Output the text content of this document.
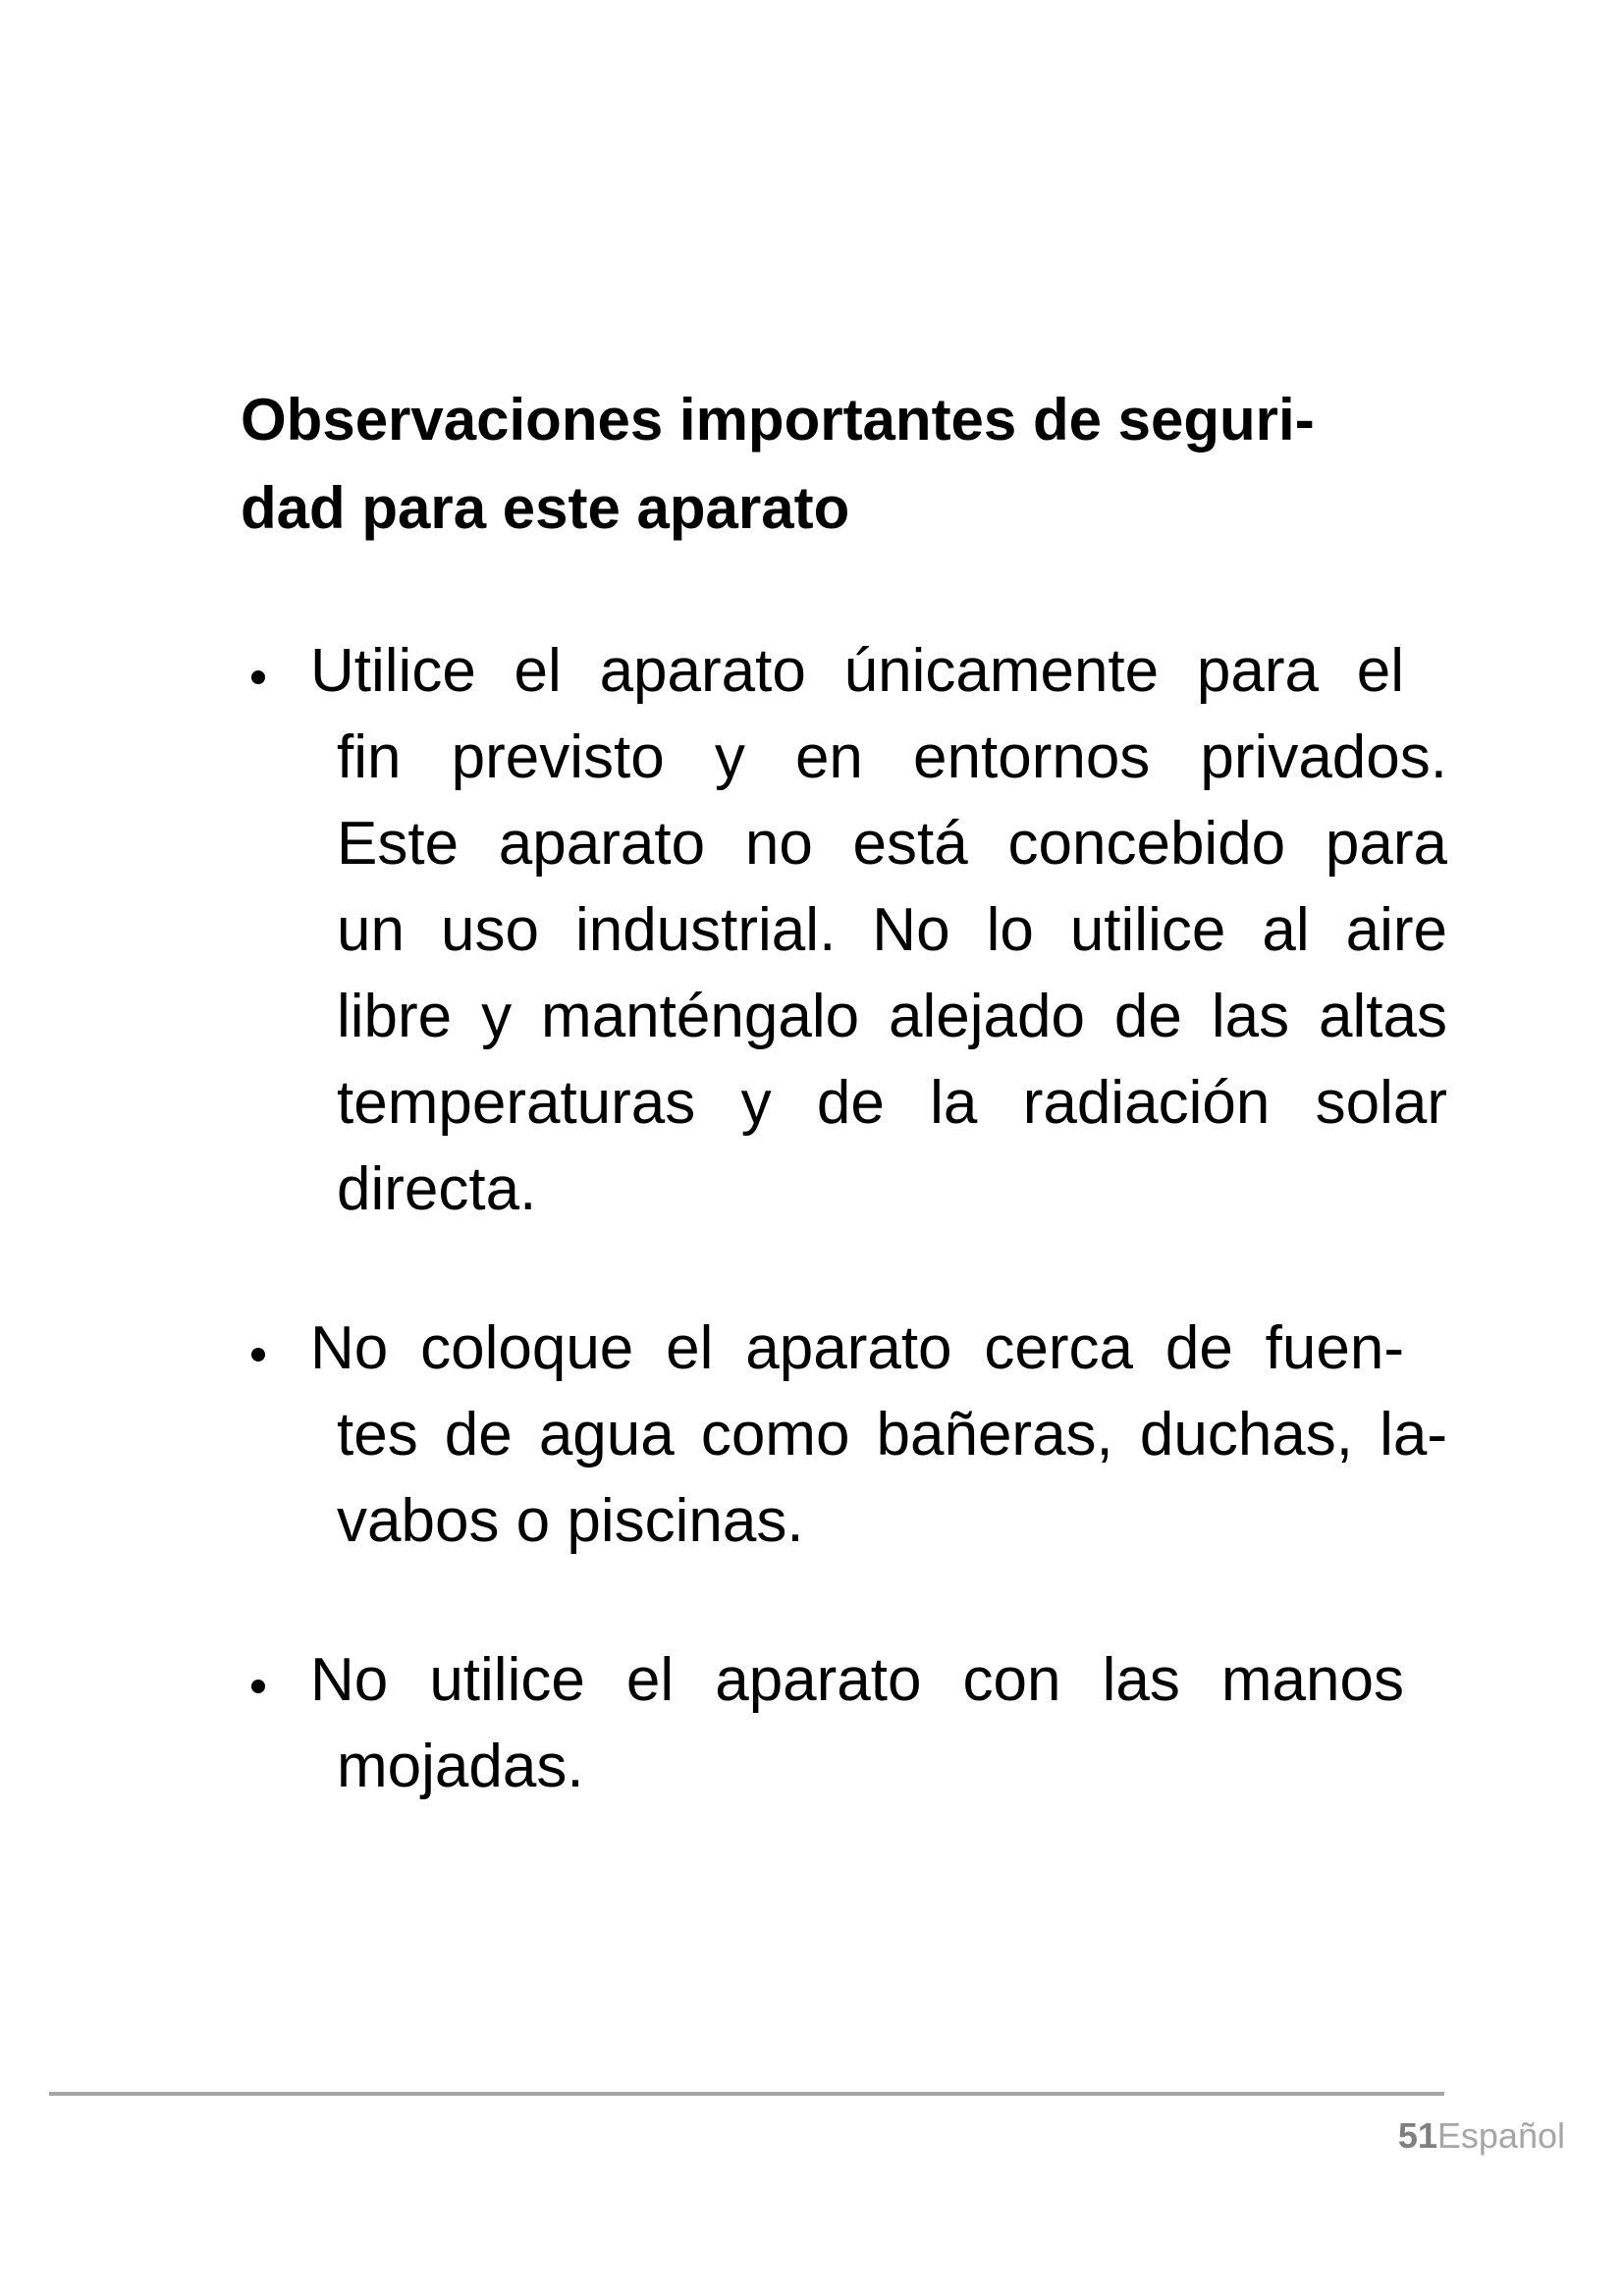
Observaciones importantes de seguri-
dad para este aparato
Utilice el aparato únicamente para el
fin previsto y en entornos privados.
Este aparato no está concebido para
un uso industrial. No lo utilice al aire
libre y manténgalo alejado de las altas
temperaturas y de la radiación solar
directa.
No coloque el aparato cerca de fuen-
tes de agua como bañeras, duchas, la-
vabos o piscinas.
No utilice el aparato con las manos
mojadas.
51Español
